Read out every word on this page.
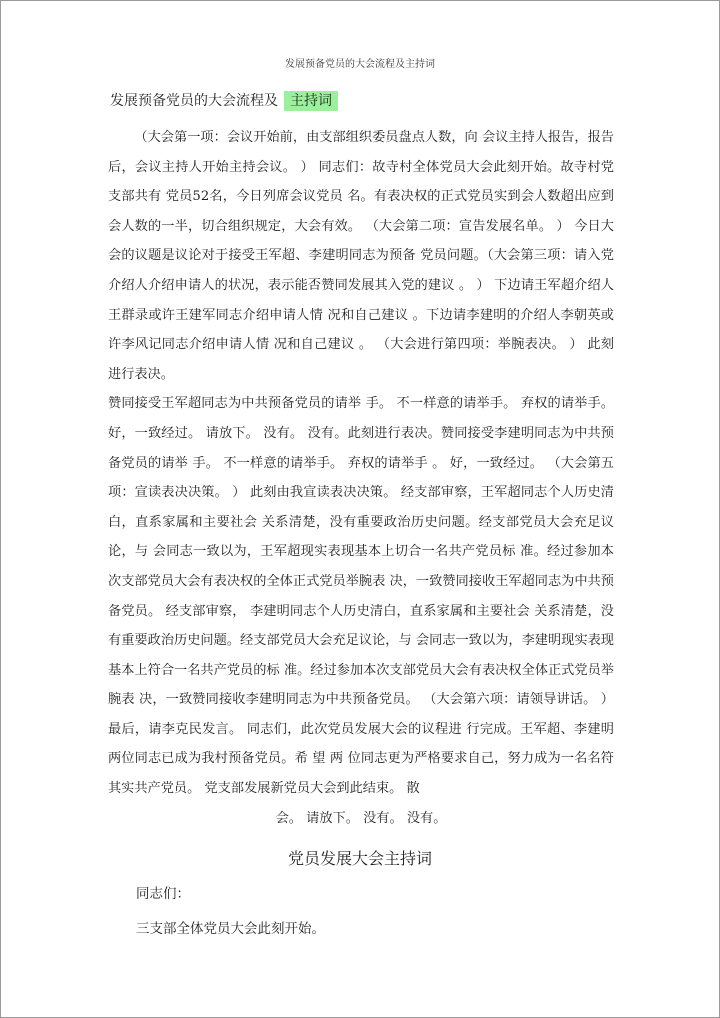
发展预备党员的大会流程及主持词
发展预备党员的大会流程及 主持词

（大会第一项：会议开始前，由支部组织委员盘点人数，向 会议主持人报告，报告后，会议主持人开始主持会议。 ） 同志们：故寺村全体党员大会此刻开始。故寺村党支部共有 党员52名，今日列席会议党员 名。有表决权的正式党员实到会人数超出应到会人数的一半，切合组织规定，大会有效。 （大会第二项：宣告发展名单。 ） 今日大会的议题是议论对于接受王军超、李建明同志为预备 党员问题。（大会第三项：请入党介绍人介绍申请人的状况，表示能否赞同发展其入党的建议 。 ） 下边请王军超介绍人王群录或许王建军同志介绍申请人情 况和自己建议 。下边请李建明的介绍人李朝英或许李风记同志介绍申请人情 况和自己建议 。 （大会进行第四项：举腕表决。 ） 此刻进行表决。

赞同接受王军超同志为中共预备党员的请举 手。 不一样意的请举手。 弃权的请举手。 好，一致经过。 请放下。 没有。 没有。此刻进行表决。赞同接受李建明同志为中共预备党员的请举 手。 不一样意的请举手。 弃权的请举手 。 好，一致经过。 （大会第五项：宣读表决决策。 ） 此刻由我宣读表决决策。 经支部审察，王军超同志个人历史清白，直系家属和主要社会 关系清楚，没有重要政治历史问题。经支部党员大会充足议论，与 会同志一致以为，王军超现实表现基本上切合一名共产党员标 准。经过参加本次支部党员大会有表决权的全体正式党员举腕表 决，一致赞同接收王军超同志为中共预备党员。 经支部审察， 李建明同志个人历史清白，直系家属和主要社会 关系清楚，没有重要政治历史问题。经支部党员大会充足议论，与 会同志一致以为，李建明现实表现基本上符合一名共产党员的标 准。经过参加本次支部党员大会有表决权全体正式党员举腕表 决，一致赞同接收李建明同志为中共预备党员。 （大会第六项：请领导讲话。 ） 最后，请李克民发言。 同志们，此次党员发展大会的议程进 行完成。王军超、李建明两位同志已成为我村预备党员。希 望 两 位同志更为严格要求自己，努力成为一名名符其实共产党员。 党支部发展新党员大会到此结束。 散

会。 请放下。 没有。 没有。

党员发展大会主持词
同志们：
三支部全体党员大会此刻开始。
